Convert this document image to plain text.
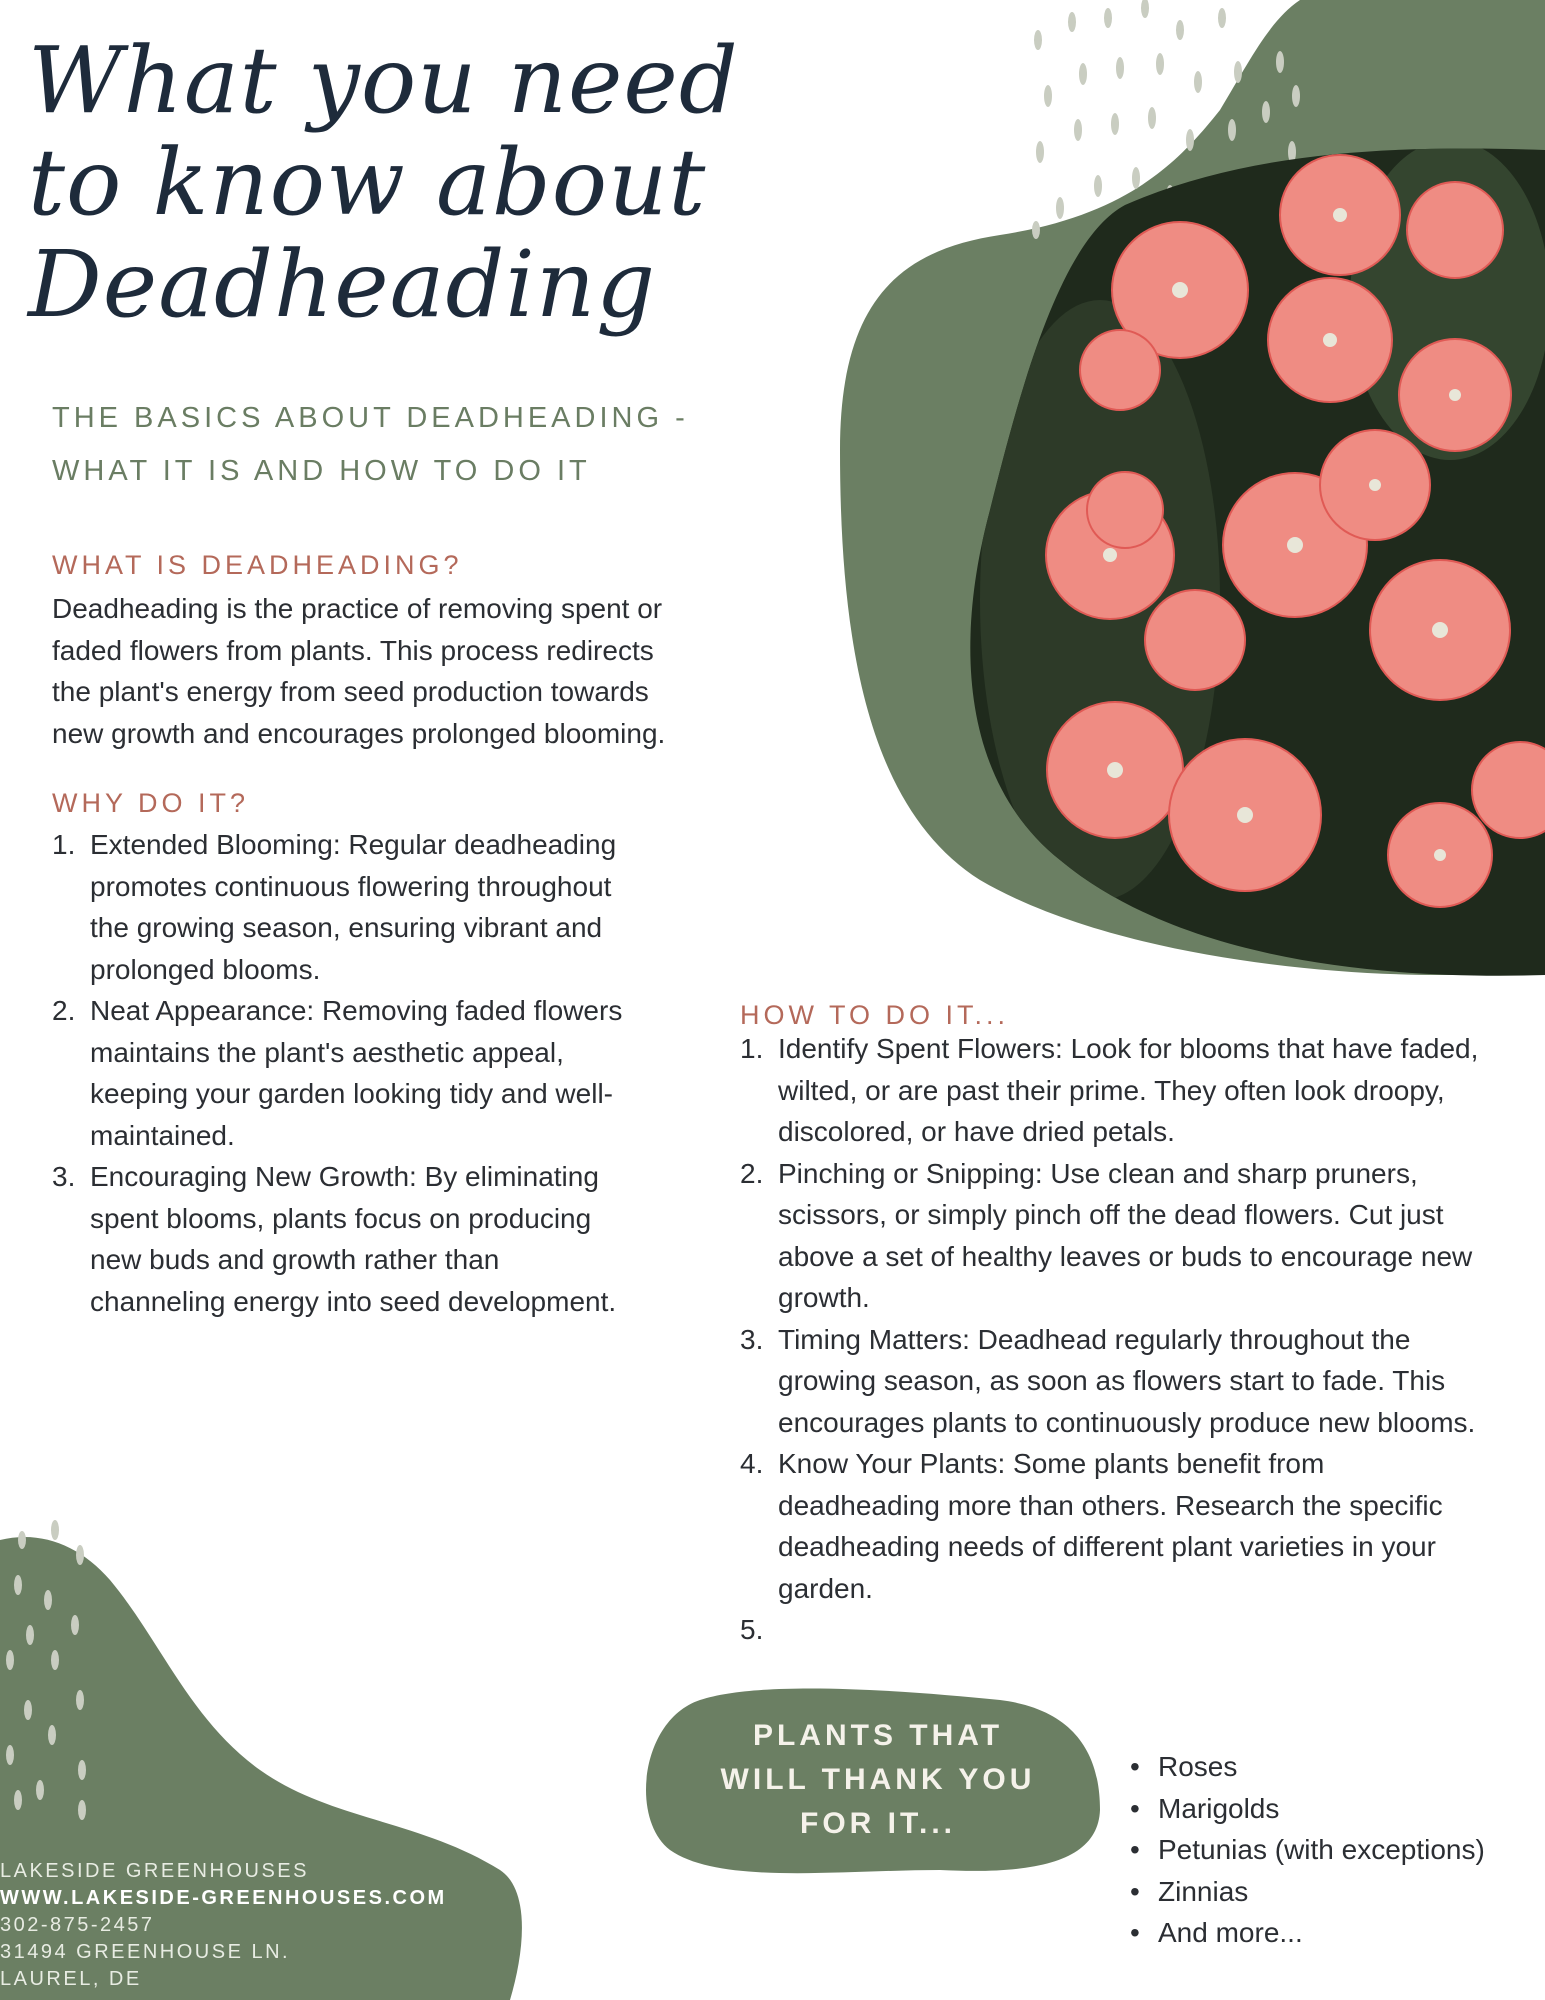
What you need
to know about
Deadheading
THE BASICS ABOUT DEADHEADING -
WHAT IT IS AND HOW TO DO IT
WHAT IS DEADHEADING?
Deadheading is the practice of removing spent or
faded flowers from plants. This process redirects
the plant's energy from seed production towards
new growth and encourages prolonged blooming.
WHY DO IT?
1. Extended Blooming: Regular deadheading
promotes continuous flowering throughout
the growing season, ensuring vibrant and
prolonged blooms.
2. Neat Appearance: Removing faded flowers
maintains the plant's aesthetic appeal,
keeping your garden looking tidy and well-
maintained.
3. Encouraging New Growth: By eliminating
spent blooms, plants focus on producing
new buds and growth rather than
channeling energy into seed development.
HOW TO DO IT...
1. Identify Spent Flowers: Look for blooms that have faded,
wilted, or are past their prime. They often look droopy,
discolored, or have dried petals.
2. Pinching or Snipping: Use clean and sharp pruners,
scissors, or simply pinch off the dead flowers. Cut just
above a set of healthy leaves or buds to encourage new
growth.
3. Timing Matters: Deadhead regularly throughout the
growing season, as soon as flowers start to fade. This
encourages plants to continuously produce new blooms.
4. Know Your Plants: Some plants benefit from
deadheading more than others. Research the specific
deadheading needs of different plant varieties in your
garden.
5.

PLANTS THAT
WILL THANK YOU
FOR IT...
• Roses
• Marigolds
• Petunias (with exceptions)
• Zinnias
• And more...
LAKESIDE GREENHOUSES
WWW.LAKESIDE-GREENHOUSES.COM
302-875-2457
31494 GREENHOUSE LN.
LAUREL, DE
